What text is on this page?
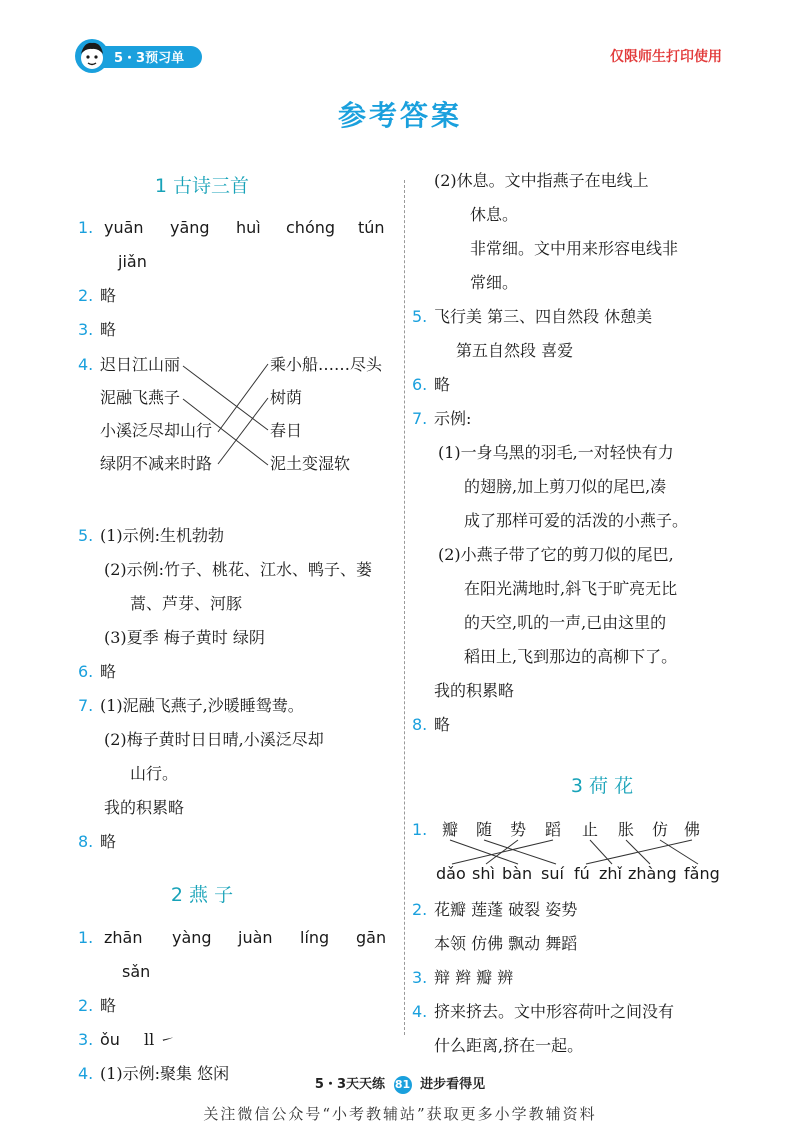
5・3预习单	仅限师生打印使用
参考答案
1 古诗三首
1. yuān yāng huì chóng tún
jiǎn
2. 略
3. 略
4. 迟日江山丽
泥融飞燕子
小溪泛尽却山行
绿阴不减来时路
乘小船……尽头
树荫
春日
泥土变湿软
5. (1)示例:生机勃勃
(2)示例:竹子、桃花、江水、鸭子、蒌
蒿、芦芽、河豚
(3)夏季 梅子黄时 绿阴
6. 略
7. (1)泥融飞燕子,沙暖睡鸳鸯。
(2)梅子黄时日日晴,小溪泛尽却
山行。
我的积累略
8. 略
2 燕 子
1. zhān yàng juàn líng gān
sǎn
2. 略
3. ǒu ll ㇀
4. (1)示例:聚集 悠闲
(2)休息。文中指燕子在电线上
休息。
非常细。文中用来形容电线非
常细。
5. 飞行美 第三、四自然段 休憩美
第五自然段 喜爱
6. 略
7. 示例:
(1)一身乌黑的羽毛,一对轻快有力
的翅膀,加上剪刀似的尾巴,凑
成了那样可爱的活泼的小燕子。
(2)小燕子带了它的剪刀似的尾巴,
在阳光满地时,斜飞于旷亮无比
的天空,叽的一声,已由这里的
稻田上,飞到那边的高柳下了。
我的积累略
8. 略
3 荷 花
1. 瓣 随 势 蹈 止 胀 仿 佛
dǎo shì bàn suí fú zhǐ zhàng fǎng
2. 花瓣 莲蓬 破裂 姿势
本领 仿佛 飘动 舞蹈
3. 辩 辫 瓣 辨
4. 挤来挤去。文中形容荷叶之间没有
什么距离,挤在一起。
5・3天天练 81 进步看得见
关注微信公众号“小考教辅站”获取更多小学教辅资料
